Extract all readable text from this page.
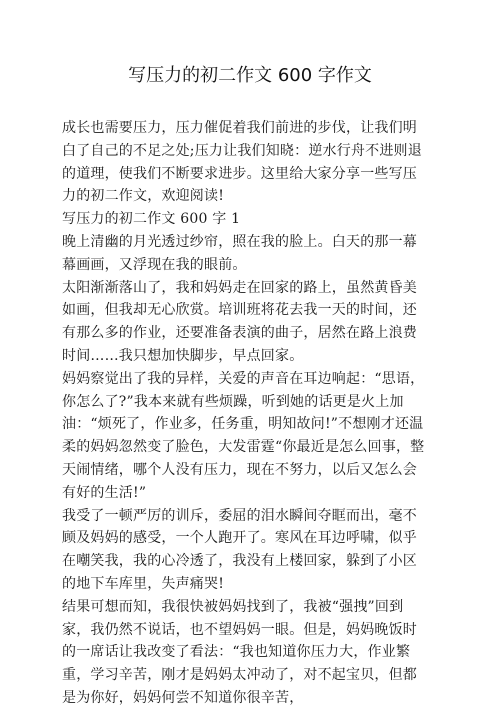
写压力的初二作文 600 字作文

成长也需要压力，压力催促着我们前进的步伐，让我们明白了自己的不足之处;压力让我们知晓：逆水行舟不进则退的道理，使我们不断要求进步。这里给大家分享一些写压力的初二作文，欢迎阅读!

写压力的初二作文 600 字 1

晚上清幽的月光透过纱帘，照在我的脸上。白天的那一幕幕画画，又浮现在我的眼前。

太阳渐渐落山了，我和妈妈走在回家的路上，虽然黄昏美如画，但我却无心欣赏。培训班将花去我一天的时间，还有那么多的作业，还要准备表演的曲子，居然在路上浪费时间……我只想加快脚步，早点回家。

妈妈察觉出了我的异样，关爱的声音在耳边响起：“思语，你怎么了?”我本来就有些烦躁，听到她的话更是火上加油：“烦死了，作业多，任务重，明知故问!”不想刚才还温柔的妈妈忽然变了脸色，大发雷霆“你最近是怎么回事，整天闹情绪，哪个人没有压力，现在不努力，以后又怎么会有好的生活!”

我受了一顿严厉的训斥，委屈的泪水瞬间夺眶而出，毫不顾及妈妈的感受，一个人跑开了。寒风在耳边呼啸，似乎在嘲笑我，我的心冷透了，我没有上楼回家，躲到了小区的地下车库里，失声痛哭!

结果可想而知，我很快被妈妈找到了，我被“强拽”回到家，我仍然不说话，也不望妈妈一眼。但是，妈妈晚饭时的一席话让我改变了看法：“我也知道你压力大，作业繁重，学习辛苦，刚才是妈妈太冲动了，对不起宝贝，但都是为你好，妈妈何尝不知道你很辛苦，
